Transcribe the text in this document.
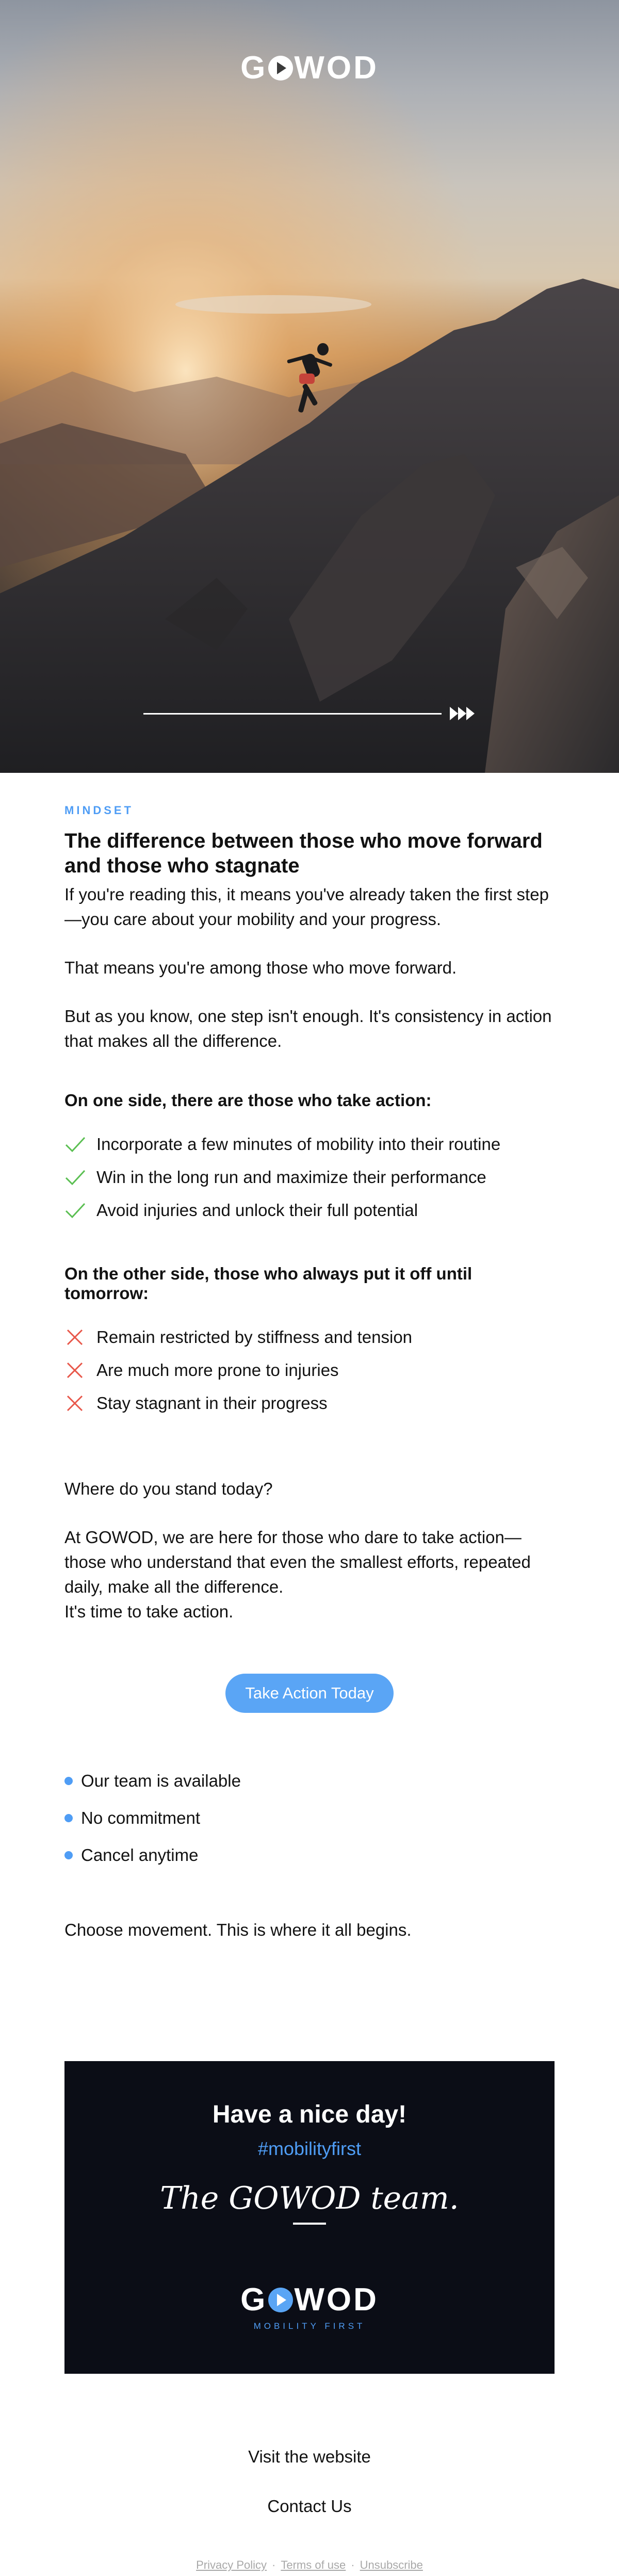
G WOD
MINDSET
The difference between those who move forward and those who stagnate

If you're reading this, it means you've already taken the first step—you care about your mobility and your progress.

That means you're among those who move forward.

But as you know, one step isn't enough. It's consistency in action that makes all the difference.

On one side, there are those who take action:
Incorporate a few minutes of mobility into their routine
Win in the long run and maximize their performance
Avoid injuries and unlock their full potential
On the other side, those who always put it off until tomorrow:
Remain restricted by stiffness and tension
Are much more prone to injuries
Stay stagnant in their progress

Where do you stand today?

At GOWOD, we are here for those who dare to take action—those who understand that even the smallest efforts, repeated daily, make all the difference.

It's time to take action.

Take Action Today
Our team is available
No commitment
Cancel anytime
Choose movement. This is where it all begins.
Have a nice day!
#mobilityfirst
The GOWOD team.
G WOD
MOBILITY FIRST
Visit the website
Contact Us
Privacy Policy · Terms of use · Unsubscribe
